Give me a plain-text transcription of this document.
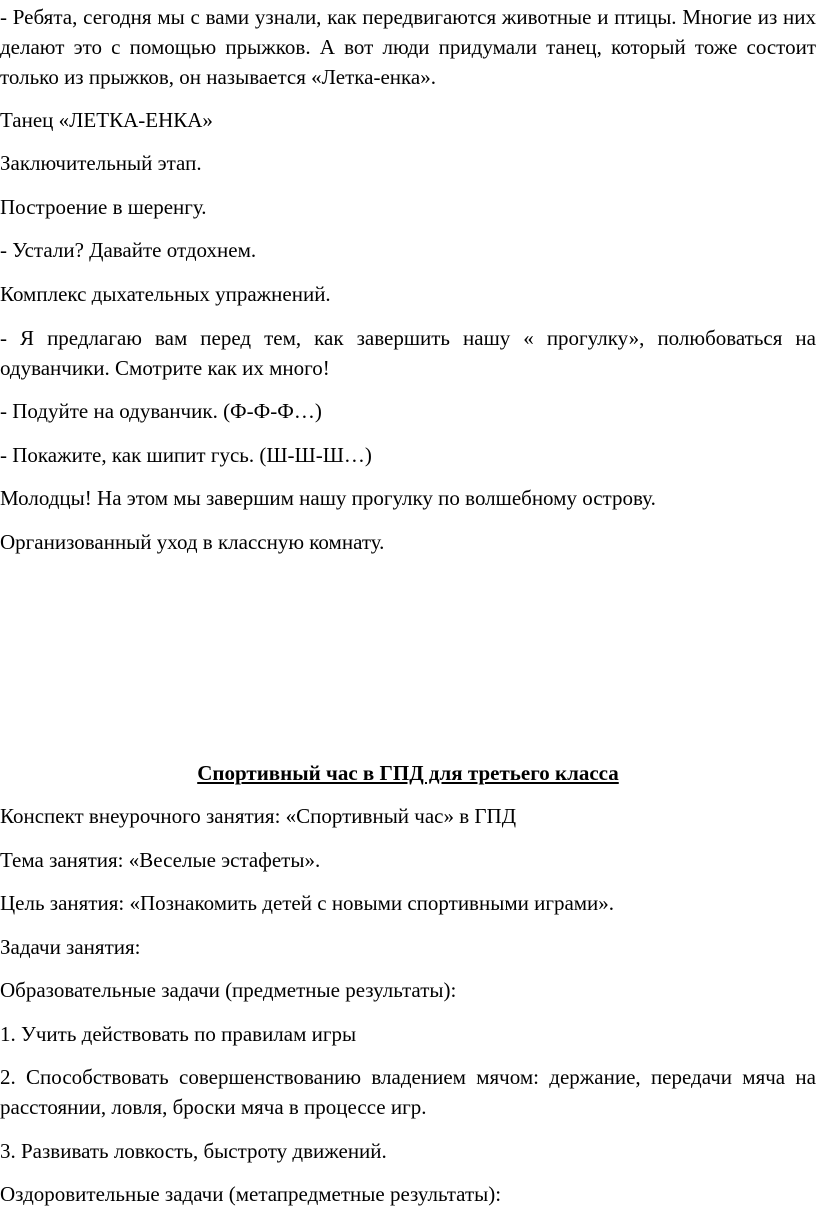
- Ребята, сегодня мы с вами узнали, как передвигаются животные и птицы. Многие из них делают это с помощью прыжков. А вот люди придумали танец, который тоже состоит только из прыжков, он называется «Летка-енка».

Танец «ЛЕТКА-ЕНКА»

Заключительный этап.

Построение в шеренгу.

- Устали? Давайте отдохнем.

Комплекс дыхательных упражнений.

- Я предлагаю вам перед тем, как завершить нашу « прогулку», полюбоваться на одуванчики. Смотрите как их много!

- Подуйте на одуванчик. (Ф-Ф-Ф…)

- Покажите, как шипит гусь. (Ш-Ш-Ш…)

Молодцы! На этом мы завершим нашу прогулку по волшебному острову.

Организованный уход в классную комнату.

Спортивный час в ГПД для третьего класса

Конспект внеурочного занятия: «Спортивный час» в ГПД

Тема занятия: «Веселые эстафеты».

Цель занятия: «Познакомить детей с новыми спортивными играми».

Задачи занятия:

Образовательные задачи (предметные результаты):

1. Учить действовать по правилам игры

2. Способствовать совершенствованию владением мячом: держание, передачи мяча на расстоянии, ловля, броски мяча в процессе игр.

3. Развивать ловкость, быстроту движений.

Оздоровительные задачи (метапредметные результаты):
